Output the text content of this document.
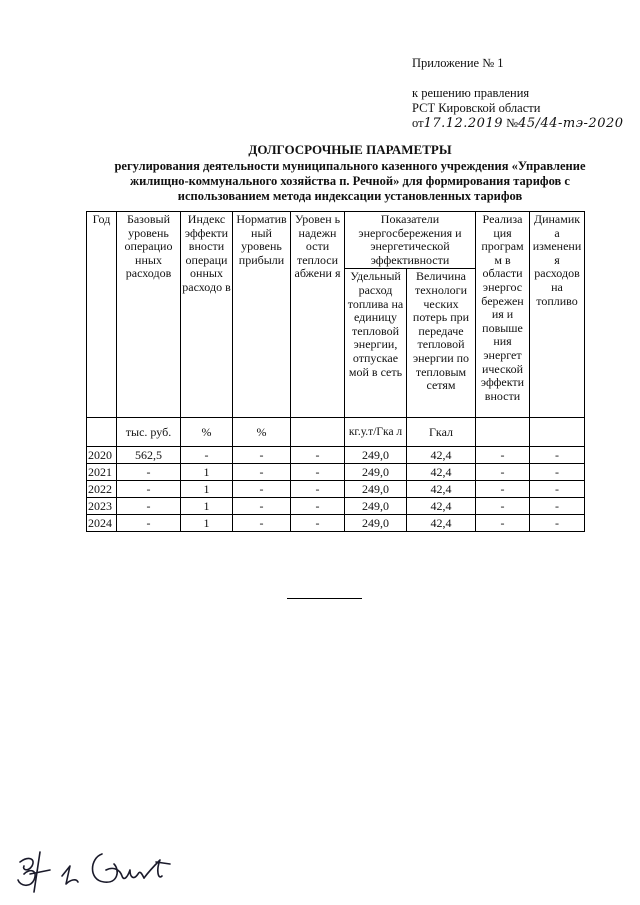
Приложение № 1
к решению правления
РСТ Кировской области
от17.12.2019 №45/44-тэ-2020
ДОЛГОСРОЧНЫЕ ПАРАМЕТРЫ
регулирования деятельности муниципального казенного учреждения «Управление
жилищно-коммунального хозяйства п. Речной» для формирования тарифов с
использованием метода индексации установленных тарифов
Год	Базовый уровень операцио нных расходов	Индекс эффекти вности операци онных расходо в	Норматив ный уровень прибыли	Уровен ь надежн ости теплоси абжени я	Показатели энергосбережения и энергетической эффективности		Реализа ция програм м в области энергос бережен ия и повыше ния энергет ической эффекти вности	Динамик а изменени я расходов на топливо
					Удельный расход топлива на единицу тепловой энергии, отпускае мой в сеть	Величина технологи ческих потерь при передаче тепловой энергии по тепловым сетям		
	тыс. руб.	%	%		кг.у.т/Гка л	Гкал		
2020	562,5	-	-	-	249,0	42,4	-	-
2021	-	1	-	-	249,0	42,4	-	-
2022	-	1	-	-	249,0	42,4	-	-
2023	-	1	-	-	249,0	42,4	-	-
2024	-	1	-	-	249,0	42,4	-	-
